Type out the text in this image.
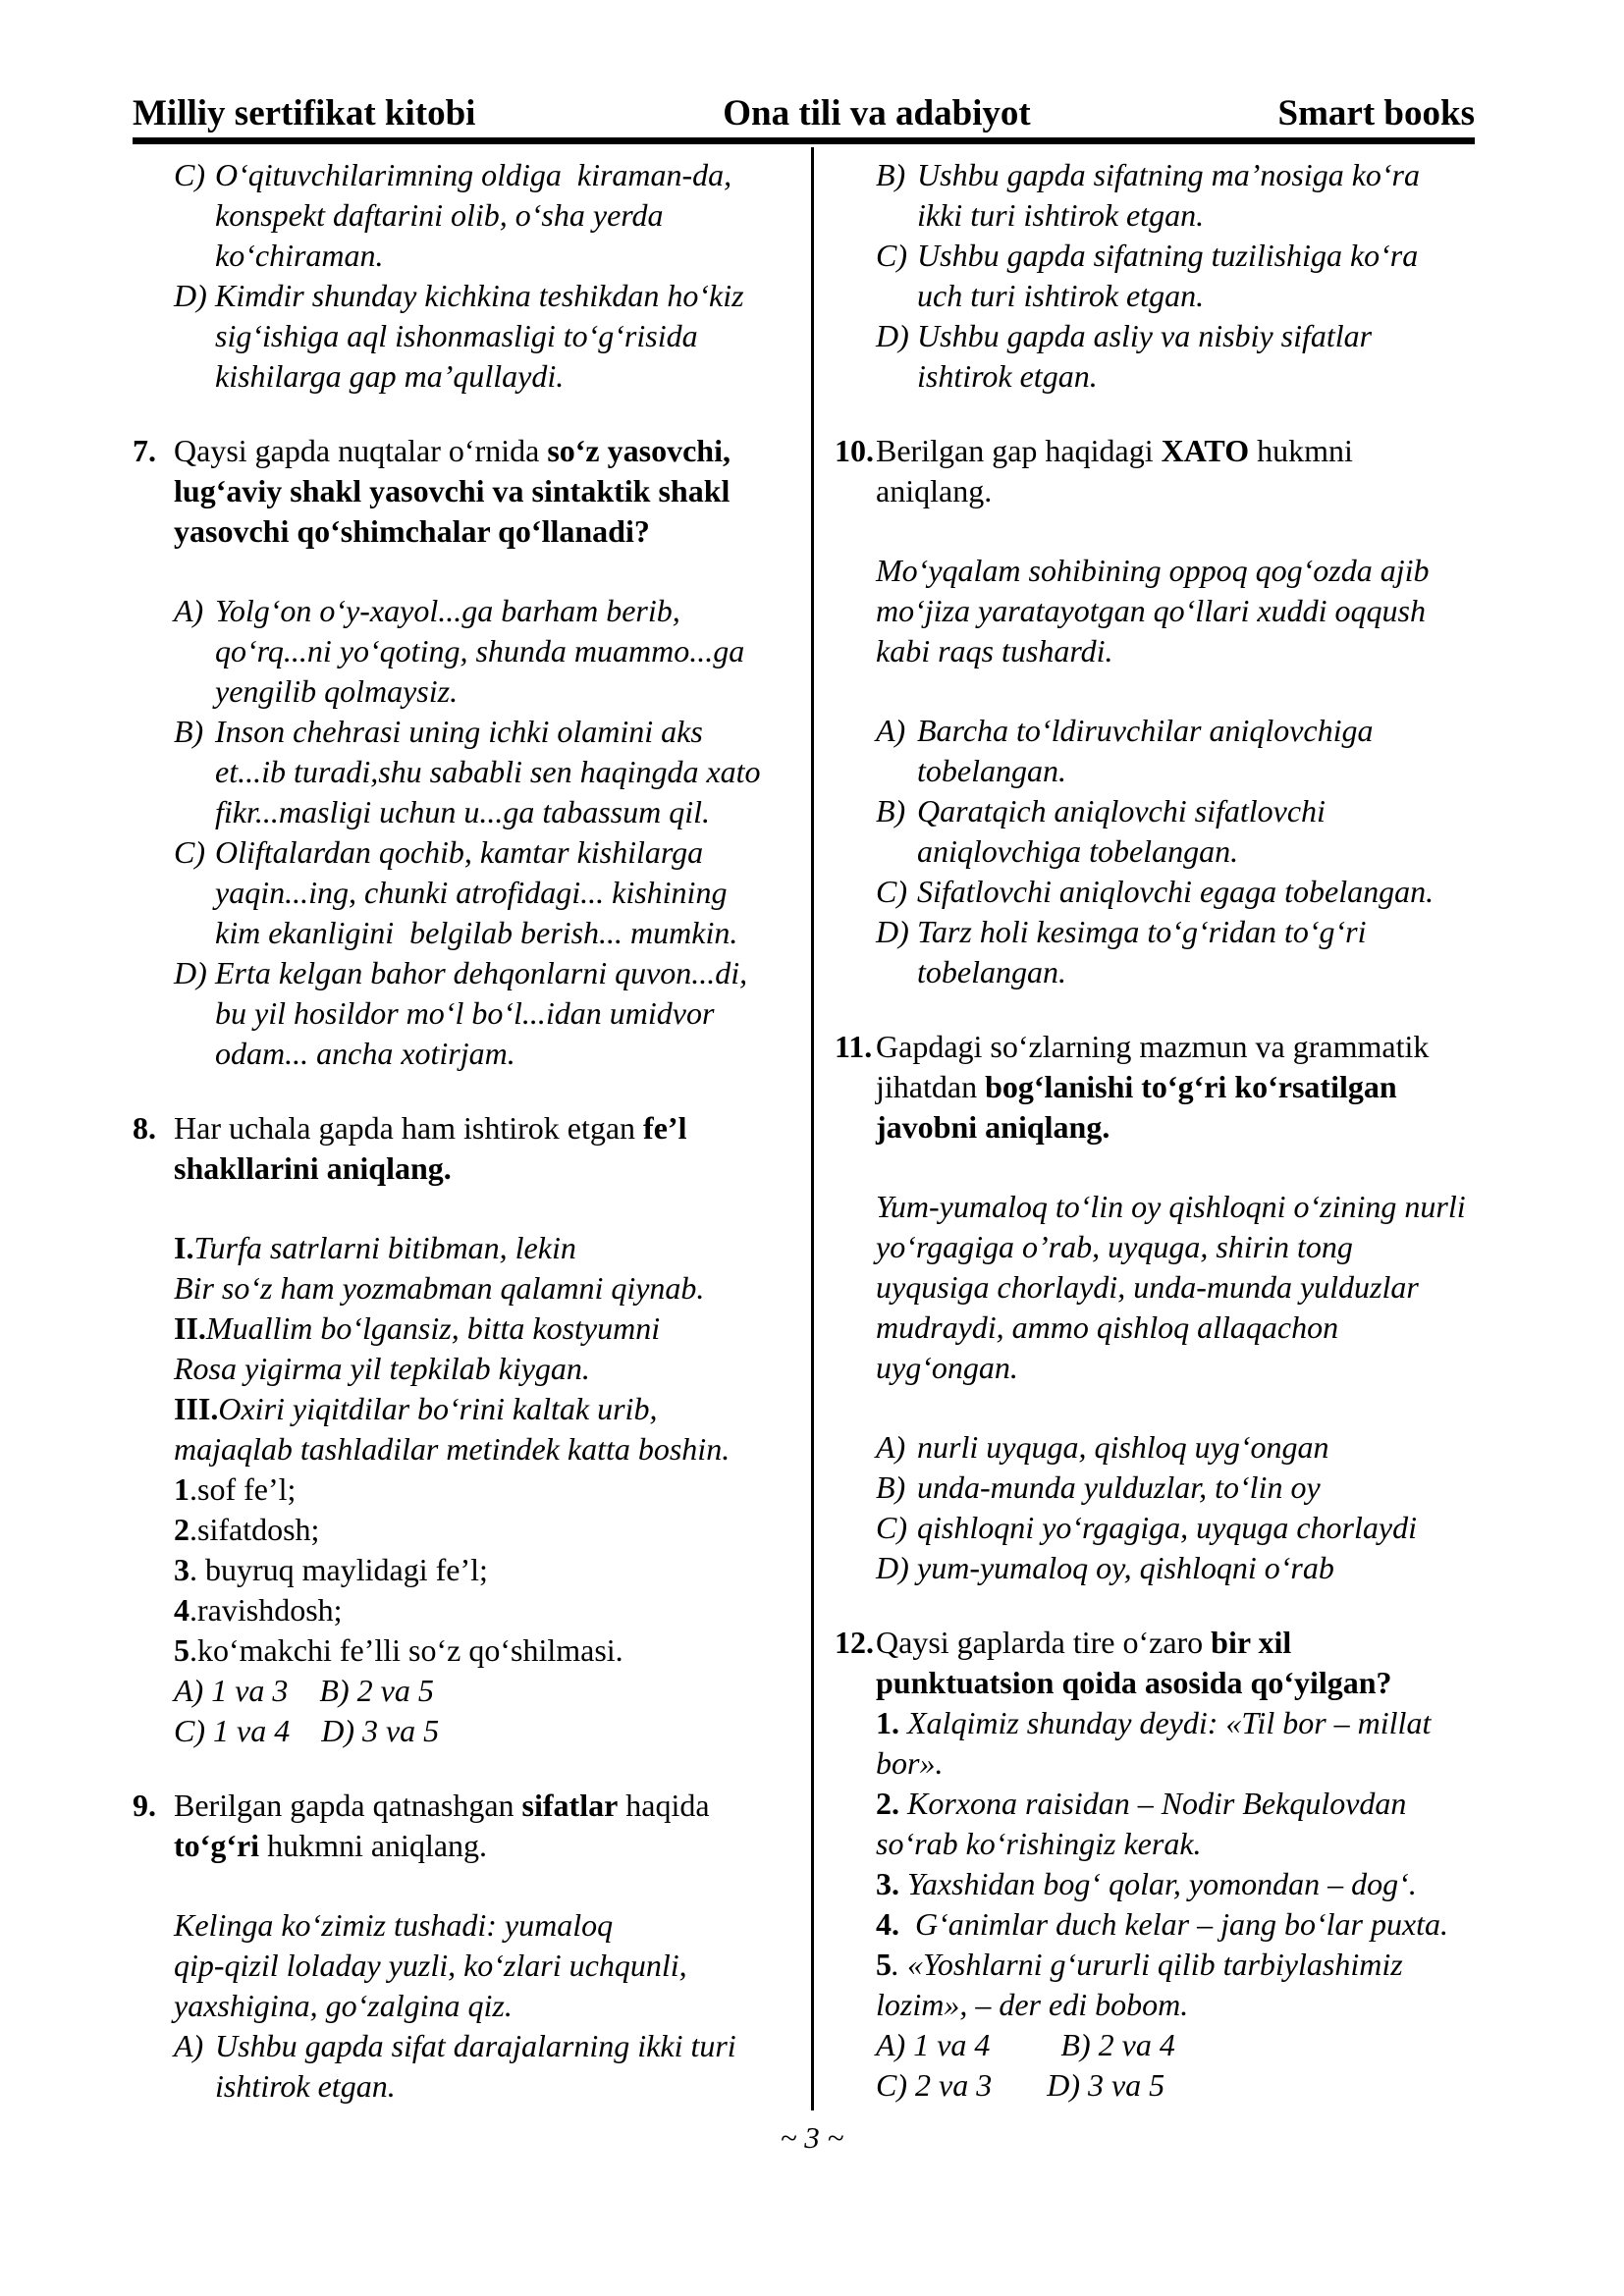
Milliy sertifikat kitobi	Ona tili va adabiyot	Smart books
C) O‘qituvchilarimning oldiga  kiraman-da,
konspekt daftarini olib, o‘sha yerda
ko‘chiraman.
D) Kimdir shunday kichkina teshikdan ho‘kiz
sig‘ishiga aql ishonmasligi to‘g‘risida
kishilarga gap ma’qullaydi.
7. Qaysi gapda nuqtalar o‘rnida so‘z yasovchi,
lug‘aviy shakl yasovchi va sintaktik shakl
yasovchi qo‘shimchalar qo‘llanadi?
A) Yolg‘on o‘y-xayol...ga barham berib,
qo‘rq...ni yo‘qoting, shunda muammo...ga
yengilib qolmaysiz.
B) Inson chehrasi uning ichki olamini aks
et...ib turadi,shu sababli sen haqingda xato
fikr...masligi uchun u...ga tabassum qil.
C) Oliftalardan qochib, kamtar kishilarga
yaqin...ing, chunki atrofidagi... kishining
kim ekanligini  belgilab berish... mumkin.
D) Erta kelgan bahor dehqonlarni quvon...di,
bu yil hosildor mo‘l bo‘l...idan umidvor
odam... ancha xotirjam.
8. Har uchala gapda ham ishtirok etgan fe’l
shakllarini aniqlang.
I.Turfa satrlarni bitibman, lekin
Bir so‘z ham yozmabman qalamni qiynab.
II.Muallim bo‘lgansiz, bitta kostyumni
Rosa yigirma yil tepkilab kiygan.
III.Oxiri yiqitdilar bo‘rini kaltak urib,
majaqlab tashladilar metindek katta boshin.
1.sof fe’l;
2.sifatdosh;
3. buyruq maylidagi fe’l;
4.ravishdosh;
5.ko‘makchi fe’lli so‘z qo‘shilmasi.
A) 1 va 3    B) 2 va 5
C) 1 va 4    D) 3 va 5
9. Berilgan gapda qatnashgan sifatlar haqida
to‘g‘ri hukmni aniqlang.
Kelinga ko‘zimiz tushadi: yumaloq
qip-qizil loladay yuzli, ko‘zlari uchqunli,
yaxshigina, go‘zalgina qiz.
A) Ushbu gapda sifat darajalarning ikki turi
ishtirok etgan.
B) Ushbu gapda sifatning ma’nosiga ko‘ra
ikki turi ishtirok etgan.
C) Ushbu gapda sifatning tuzilishiga ko‘ra
uch turi ishtirok etgan.
D) Ushbu gapda asliy va nisbiy sifatlar
ishtirok etgan.
10. Berilgan gap haqidagi XATO hukmni
aniqlang.
Mo‘yqalam sohibining oppoq qog‘ozda ajib
mo‘jiza yaratayotgan qo‘llari xuddi oqqush
kabi raqs tushardi.
A) Barcha to‘ldiruvchilar aniqlovchiga
tobelangan.
B) Qaratqich aniqlovchi sifatlovchi
aniqlovchiga tobelangan.
C) Sifatlovchi aniqlovchi egaga tobelangan.
D) Tarz holi kesimga to‘g‘ridan to‘g‘ri
tobelangan.
11. Gapdagi so‘zlarning mazmun va grammatik
jihatdan bog‘lanishi to‘g‘ri ko‘rsatilgan
javobni aniqlang.
Yum-yumaloq to‘lin oy qishloqni o‘zining nurli
yo‘rgagiga o’rab, uyquga, shirin tong
uyqusiga chorlaydi, unda-munda yulduzlar
mudraydi, ammo qishloq allaqachon
uyg‘ongan.
A) nurli uyquga, qishloq uyg‘ongan
B) unda-munda yulduzlar, to‘lin oy
C) qishloqni yo‘rgagiga, uyquga chorlaydi
D) yum-yumaloq oy, qishloqni o‘rab
12. Qaysi gaplarda tire o‘zaro bir xil
punktuatsion qoida asosida qo‘yilgan?
1. Xalqimiz shunday deydi: «Til bor – millat
bor».
2. Korxona raisidan – Nodir Bekqulovdan
so‘rab ko‘rishingiz kerak.
3. Yaxshidan bog‘ qolar, yomondan – dog‘.
4.  G‘animlar duch kelar – jang bo‘lar puxta.
5. «Yoshlarni g‘ururli qilib tarbiylashimiz
lozim», – der edi bobom.
A) 1 va 4         B) 2 va 4
C) 2 va 3       D) 3 va 5
~ 3 ~
